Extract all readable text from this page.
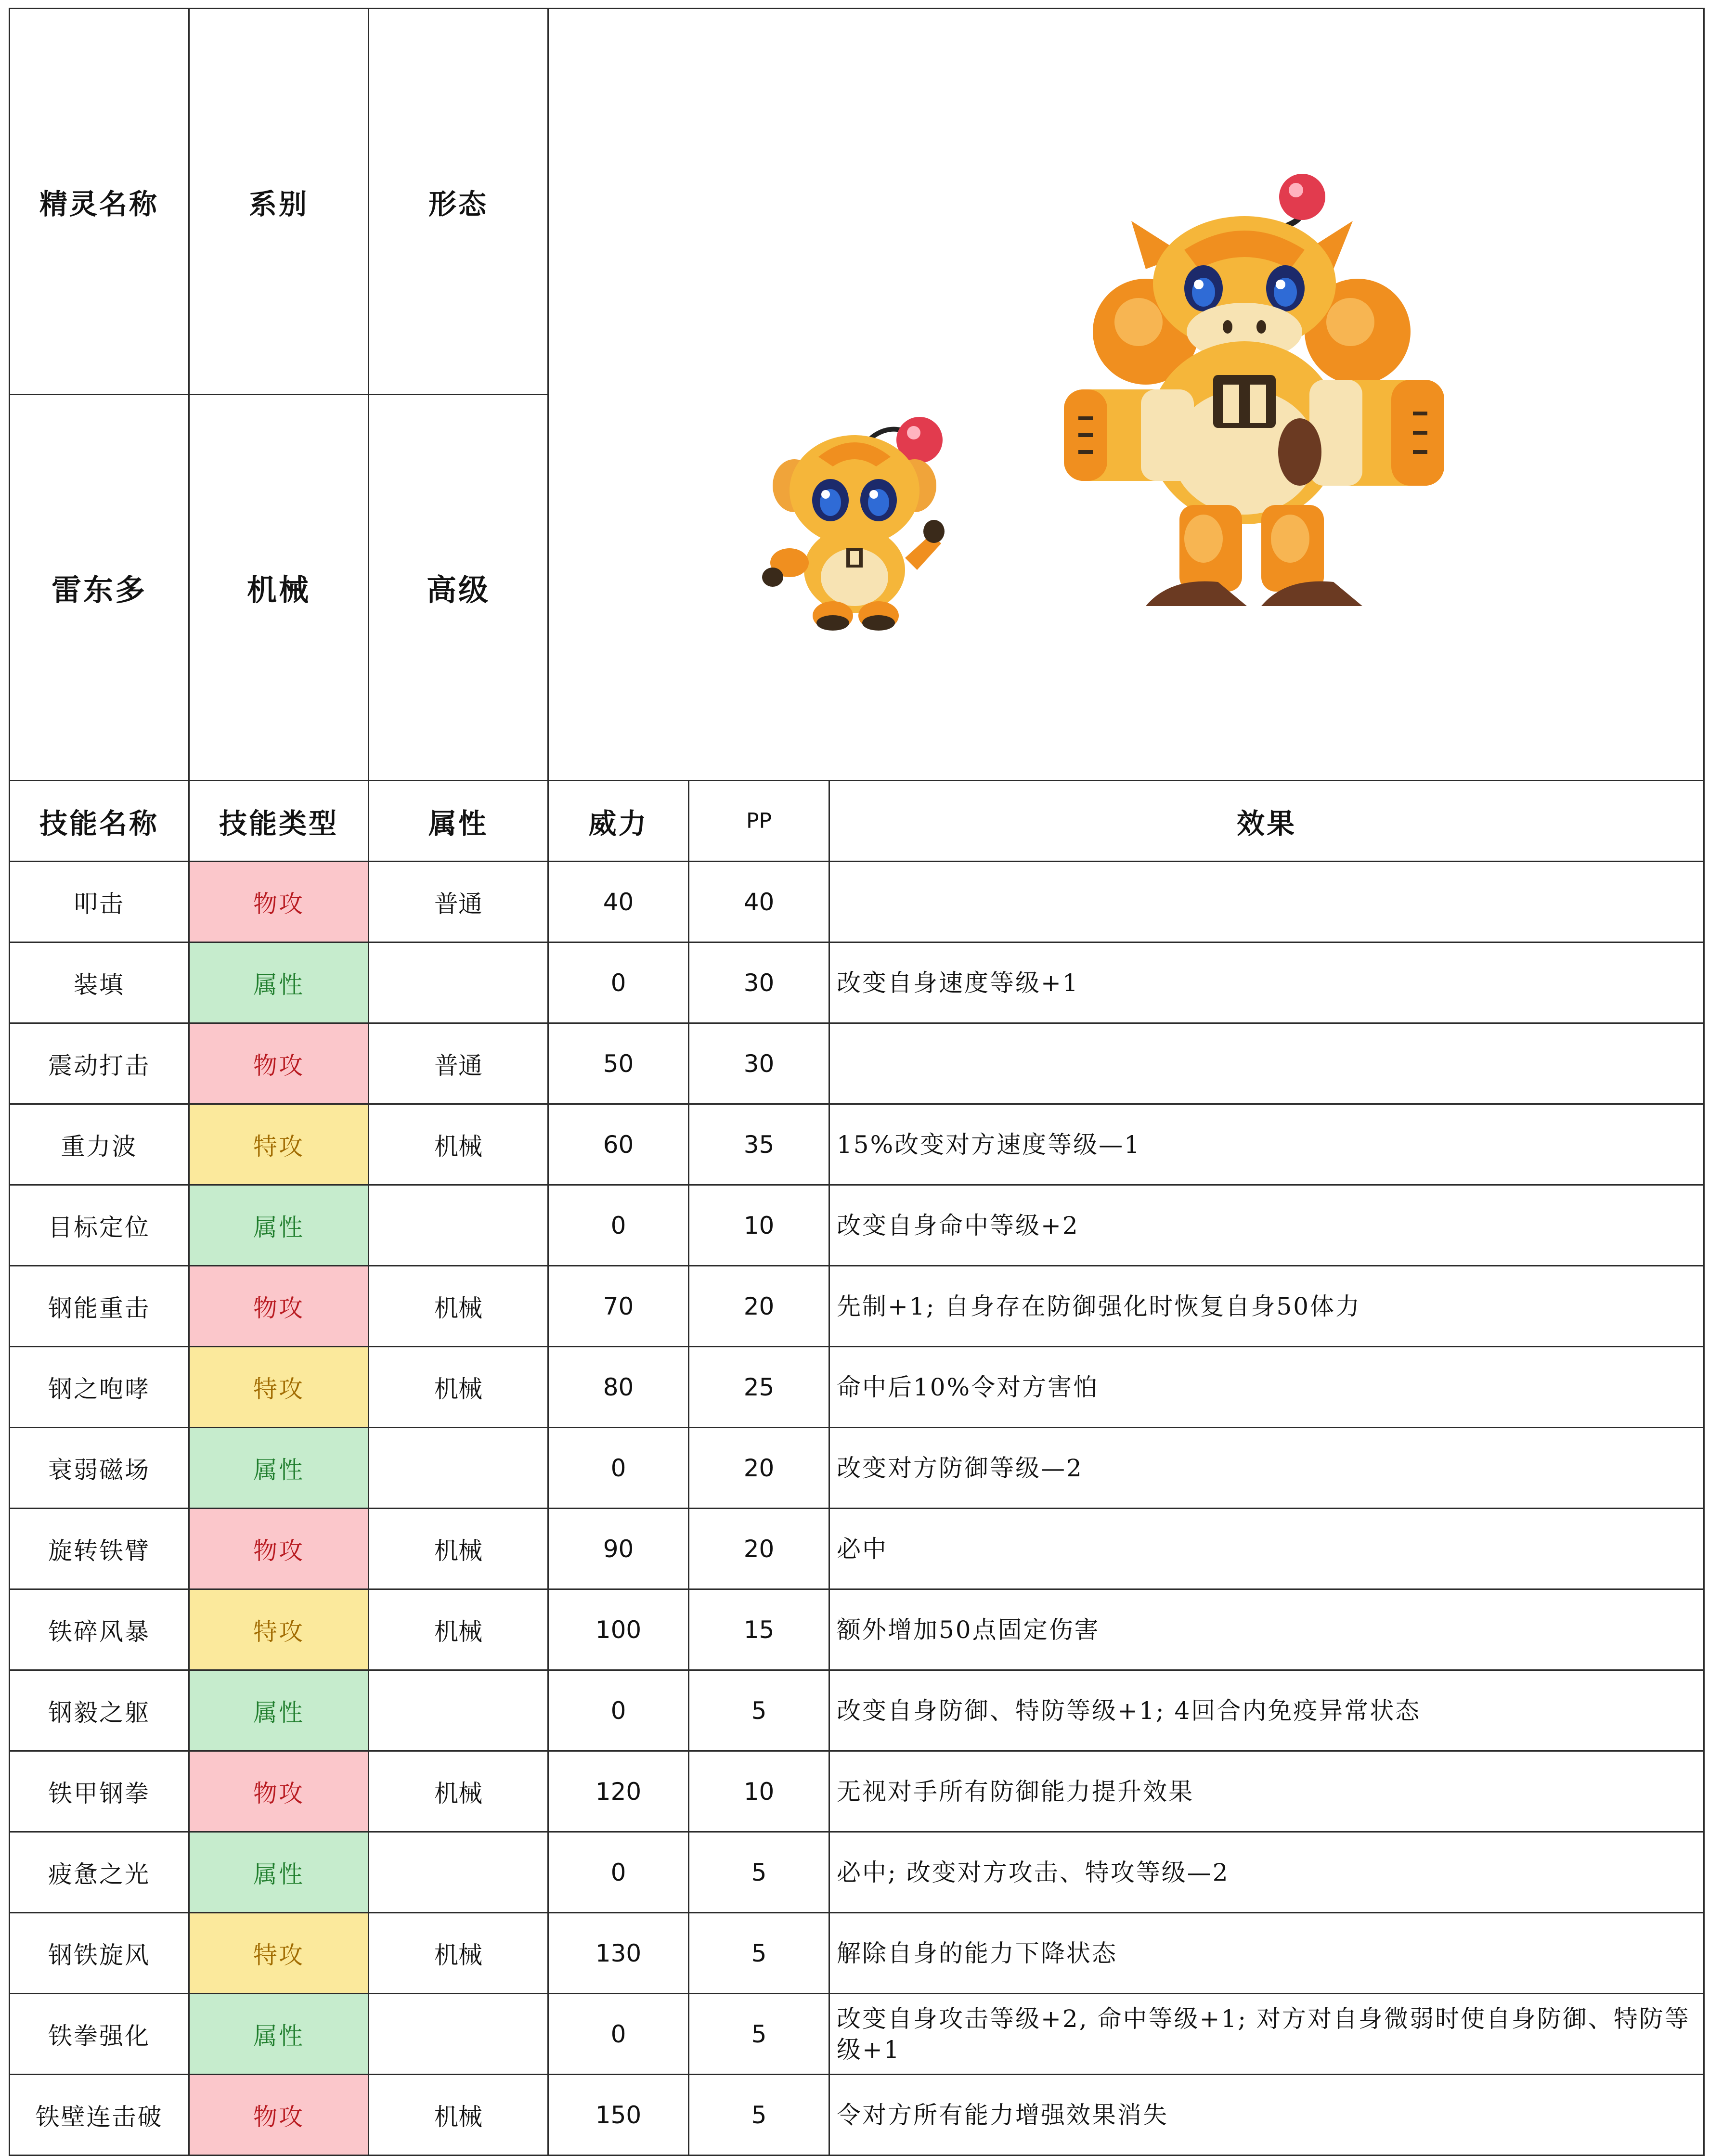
精灵名称	系别	形态	

雷东多	机械	高级	
技能名称	技能类型	属性	威力	PP	效果
叩击	物攻	普通	40	40	
装填	属性		0	30	改变自身速度等级+1
震动打击	物攻	普通	50	30	
重力波	特攻	机械	60	35	15%改变对方速度等级—1
目标定位	属性		0	10	改变自身命中等级+2
钢能重击	物攻	机械	70	20	先制+1; 自身存在防御强化时恢复自身50体力
钢之咆哮	特攻	机械	80	25	命中后10%令对方害怕
衰弱磁场	属性		0	20	改变对方防御等级—2
旋转铁臂	物攻	机械	90	20	必中
铁碎风暴	特攻	机械	100	15	额外增加50点固定伤害
钢毅之躯	属性		0	5	改变自身防御、特防等级+1; 4回合内免疫异常状态
铁甲钢拳	物攻	机械	120	10	无视对手所有防御能力提升效果
疲惫之光	属性		0	5	必中; 改变对方攻击、特攻等级—2
钢铁旋风	特攻	机械	130	5	解除自身的能力下降状态
铁拳强化	属性		0	5	改变自身攻击等级+2, 命中等级+1; 对方对自身微弱时使自身防御、特防等级+1
铁壁连击破	物攻	机械	150	5	令对方所有能力增强效果消失
